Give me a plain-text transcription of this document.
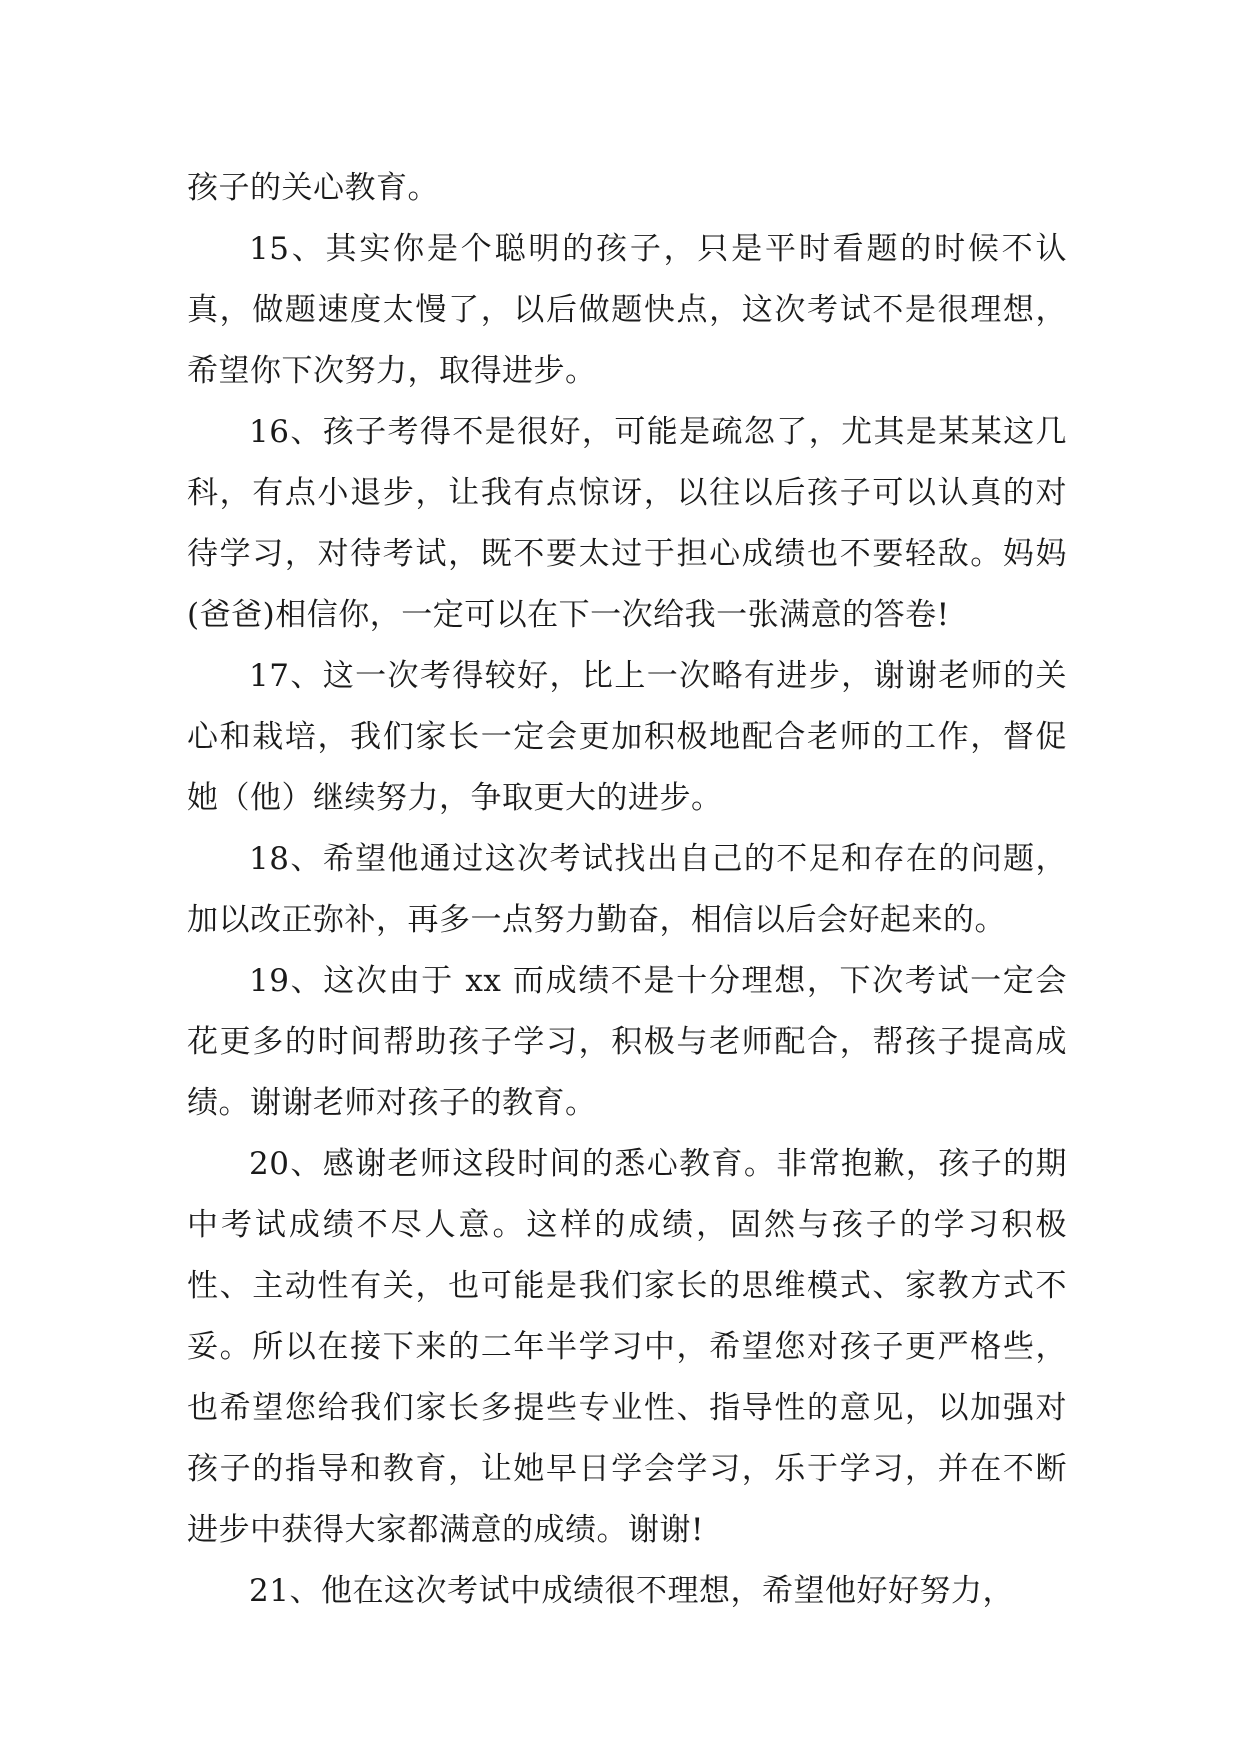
孩子的关心教育。

15、其实你是个聪明的孩子，只是平时看题的时候不认真，做题速度太慢了，以后做题快点，这次考试不是很理想，希望你下次努力，取得进步。

16、孩子考得不是很好，可能是疏忽了，尤其是某某这几科，有点小退步，让我有点惊讶，以往以后孩子可以认真的对待学习，对待考试，既不要太过于担心成绩也不要轻敌。妈妈(爸爸)相信你，一定可以在下一次给我一张满意的答卷!

17、这一次考得较好，比上一次略有进步，谢谢老师的关心和栽培，我们家长一定会更加积极地配合老师的工作，督促她（他）继续努力，争取更大的进步。

18、希望他通过这次考试找出自己的不足和存在的问题，加以改正弥补，再多一点努力勤奋，相信以后会好起来的。

19、这次由于 xx 而成绩不是十分理想，下次考试一定会花更多的时间帮助孩子学习，积极与老师配合，帮孩子提高成绩。谢谢老师对孩子的教育。

20、感谢老师这段时间的悉心教育。非常抱歉，孩子的期中考试成绩不尽人意。这样的成绩，固然与孩子的学习积极性、主动性有关，也可能是我们家长的思维模式、家教方式不妥。所以在接下来的二年半学习中，希望您对孩子更严格些，也希望您给我们家长多提些专业性、指导性的意见，以加强对孩子的指导和教育，让她早日学会学习，乐于学习，并在不断进步中获得大家都满意的成绩。谢谢!

21、他在这次考试中成绩很不理想，希望他好好努力，
